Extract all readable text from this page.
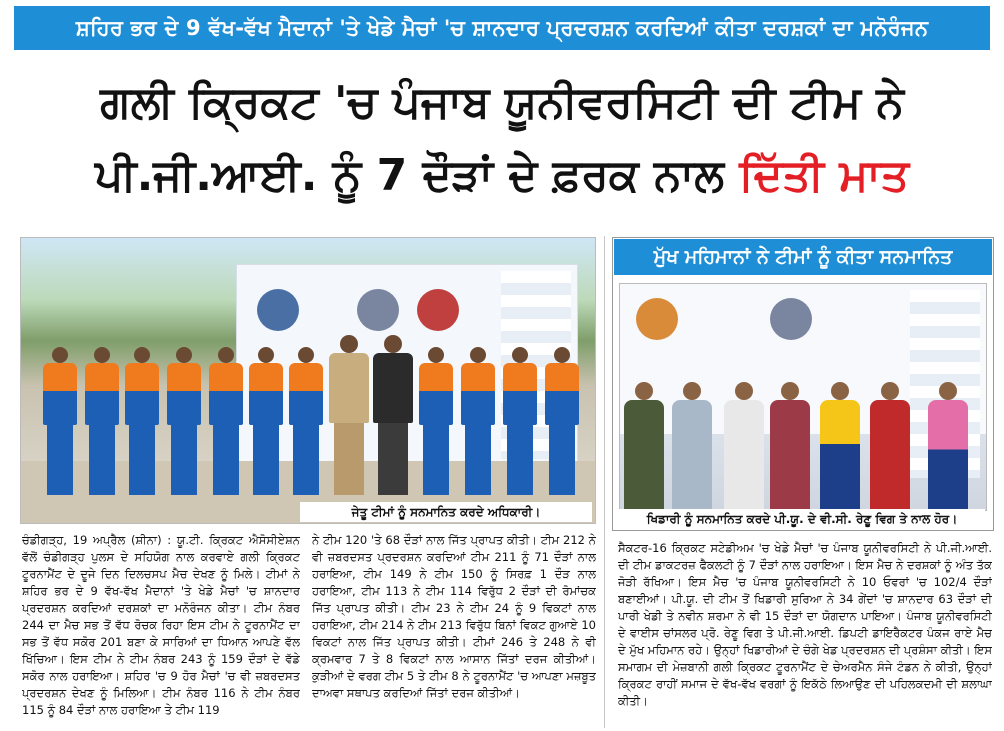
ਸ਼ਹਿਰ ਭਰ ਦੇ 9 ਵੱਖ-ਵੱਖ ਮੈਦਾਨਾਂ 'ਤੇ ਖੇਡੇ ਮੈਚਾਂ 'ਚ ਸ਼ਾਨਦਾਰ ਪ੍ਰਦਰਸ਼ਨ ਕਰਦਿਆਂ ਕੀਤਾ ਦਰਸ਼ਕਾਂ ਦਾ ਮਨੋਰੰਜਨ
ਗਲੀ ਕ੍ਰਿਕਟ 'ਚ ਪੰਜਾਬ ਯੂਨੀਵਰਸਿਟੀ ਦੀ ਟੀਮ ਨੇ
ਪੀ.ਜੀ.ਆਈ. ਨੂੰ 7 ਦੌੜਾਂ ਦੇ ਫ਼ਰਕ ਨਾਲ ਦਿੱਤੀ ਮਾਤ
ਜੇਤੂ ਟੀਮਾਂ ਨੂੰ ਸਨਮਾਨਿਤ ਕਰਦੇ ਅਧਿਕਾਰੀ।
ਮੁੱਖ ਮਹਿਮਾਨਾਂ ਨੇ ਟੀਮਾਂ ਨੂੰ ਕੀਤਾ ਸਨਮਾਨਿਤ
ਖਿਡਾਰੀ ਨੂੰ ਸਨਮਾਨਿਤ ਕਰਦੇ ਪੀ.ਯੂ. ਦੇ ਵੀ.ਸੀ. ਰੇਣੂ ਵਿਗ ਤੇ ਨਾਲ ਹੋਰ।

ਚੰਡੀਗੜ੍ਹ, 19 ਅਪ੍ਰੈਲ (ਸ਼ੀਨਾ) : ਯੂ.ਟੀ. ਕ੍ਰਿਕਟ ਐਸੋਸੀਏਸ਼ਨ ਵੱਲੋਂ ਚੰਡੀਗੜ੍ਹ ਪੁਲਸ ਦੇ ਸਹਿਯੋਗ ਨਾਲ ਕਰਵਾਏ ਗਲੀ ਕ੍ਰਿਕਟ ਟੂਰਨਾਮੈਂਟ ਦੇ ਦੂਜੇ ਦਿਨ ਦਿਲਚਸਪ ਮੈਚ ਦੇਖਣ ਨੂੰ ਮਿਲੇ। ਟੀਮਾਂ ਨੇ ਸ਼ਹਿਰ ਭਰ ਦੇ 9 ਵੱਖ-ਵੱਖ ਮੈਦਾਨਾਂ 'ਤੇ ਖੇਡੇ ਮੈਚਾਂ 'ਚ ਸ਼ਾਨਦਾਰ ਪ੍ਰਦਰਸ਼ਨ ਕਰਦਿਆਂ ਦਰਸ਼ਕਾਂ ਦਾ ਮਨੋਰੰਜਨ ਕੀਤਾ। ਟੀਮ ਨੰਬਰ 244 ਦਾ ਮੈਚ ਸਭ ਤੋਂ ਵੱਧ ਰੋਚਕ ਰਿਹਾ ਇਸ ਟੀਮ ਨੇ ਟੂਰਨਾਮੈਂਟ ਦਾ ਸਭ ਤੋਂ ਵੱਧ ਸਕੋਰ 201 ਬਣਾ ਕੇ ਸਾਰਿਆਂ ਦਾ ਧਿਆਨ ਆਪਣੇ ਵੱਲ ਖਿੱਚਿਆ। ਇਸ ਟੀਮ ਨੇ ਟੀਮ ਨੰਬਰ 243 ਨੂੰ 159 ਦੌੜਾਂ ਦੇ ਵੱਡੇ ਸਕੋਰ ਨਾਲ ਹਰਾਇਆ। ਸ਼ਹਿਰ 'ਚ 9 ਹੋਰ ਮੈਚਾਂ 'ਚ ਵੀ ਜ਼ਬਰਦਸਤ ਪ੍ਰਦਰਸ਼ਨ ਦੇਖਣ ਨੂੰ ਮਿਲਿਆ। ਟੀਮ ਨੰਬਰ 116 ਨੇ ਟੀਮ ਨੰਬਰ 115 ਨੂੰ 84 ਦੌੜਾਂ ਨਾਲ ਹਰਾਇਆ ਤੇ ਟੀਮ 119

ਨੇ ਟੀਮ 120 'ਤੇ 68 ਦੌੜਾਂ ਨਾਲ ਜਿੱਤ ਪ੍ਰਾਪਤ ਕੀਤੀ। ਟੀਮ 212 ਨੇ ਵੀ ਜ਼ਬਰਦਸਤ ਪ੍ਰਦਰਸ਼ਨ ਕਰਦਿਆਂ ਟੀਮ 211 ਨੂੰ 71 ਦੌੜਾਂ ਨਾਲ ਹਰਾਇਆ, ਟੀਮ 149 ਨੇ ਟੀਮ 150 ਨੂੰ ਸਿਰਫ਼ 1 ਦੌੜ ਨਾਲ ਹਰਾਇਆ, ਟੀਮ 113 ਨੇ ਟੀਮ 114 ਵਿਰੁੱਧ 2 ਦੌੜਾਂ ਦੀ ਰੋਮਾਂਚਕ ਜਿੱਤ ਪ੍ਰਾਪਤ ਕੀਤੀ। ਟੀਮ 23 ਨੇ ਟੀਮ 24 ਨੂੰ 9 ਵਿਕਟਾਂ ਨਾਲ ਹਰਾਇਆ, ਟੀਮ 214 ਨੇ ਟੀਮ 213 ਵਿਰੁੱਧ ਬਿਨਾਂ ਵਿਕਟ ਗੁਆਏ 10 ਵਿਕਟਾਂ ਨਾਲ ਜਿੱਤ ਪ੍ਰਾਪਤ ਕੀਤੀ। ਟੀਮਾਂ 246 ਤੇ 248 ਨੇ ਵੀ ਕ੍ਰਮਵਾਰ 7 ਤੇ 8 ਵਿਕਟਾਂ ਨਾਲ ਆਸਾਨ ਜਿੱਤਾਂ ਦਰਜ ਕੀਤੀਆਂ। ਕੁੜੀਆਂ ਦੇ ਵਰਗ ਟੀਮ 5 ਤੇ ਟੀਮ 8 ਨੇ ਟੂਰਨਾਮੈਂਟ 'ਚ ਆਪਣਾ ਮਜ਼ਬੂਤ ਦਾਅਵਾ ਸਥਾਪਤ ਕਰਦਿਆਂ ਜਿੱਤਾਂ ਦਰਜ ਕੀਤੀਆਂ।

ਸੈਕਟਰ-16 ਕ੍ਰਿਕਟ ਸਟੇਡੀਅਮ 'ਚ ਖੇਡੇ ਮੈਚਾਂ 'ਚ ਪੰਜਾਬ ਯੂਨੀਵਰਸਿਟੀ ਨੇ ਪੀ.ਜੀ.ਆਈ. ਦੀ ਟੀਮ ਡਾਕਟਰਜ਼ ਫੈਕਲਟੀ ਨੂੰ 7 ਦੌੜਾਂ ਨਾਲ ਹਰਾਇਆ। ਇਸ ਮੈਚ ਨੇ ਦਰਸ਼ਕਾਂ ਨੂੰ ਅੰਤ ਤੱਕ ਜੋੜੀ ਰੱਖਿਆ। ਇਸ ਮੈਚ 'ਚ ਪੰਜਾਬ ਯੂਨੀਵਰਸਿਟੀ ਨੇ 10 ਓਵਰਾਂ 'ਚ 102/4 ਦੌੜਾਂ ਬਣਾਈਆਂ। ਪੀ.ਯੂ. ਦੀ ਟੀਮ ਤੋਂ ਖਿਡਾਰੀ ਸੁਰਿਆ ਨੇ 34 ਗੇਂਦਾਂ 'ਚ ਸ਼ਾਨਦਾਰ 63 ਦੌੜਾਂ ਦੀ ਪਾਰੀ ਖੇਡੀ ਤੇ ਨਵੀਨ ਸ਼ਰਮਾ ਨੇ ਵੀ 15 ਦੌੜਾਂ ਦਾ ਯੋਗਦਾਨ ਪਾਇਆ। ਪੰਜਾਬ ਯੂਨੀਵਰਸਿਟੀ ਦੇ ਵਾਈਸ ਚਾਂਸਲਰ ਪ੍ਰੋ. ਰੇਣੂ ਵਿਗ ਤੇ ਪੀ.ਜੀ.ਆਈ. ਡਿਪਟੀ ਡਾਇਰੈਕਟਰ ਪੰਕਜ ਰਾਏ ਮੈਚ ਦੇ ਮੁੱਖ ਮਹਿਮਾਨ ਰਹੇ। ਉਨ੍ਹਾਂ ਖਿਡਾਰੀਆਂ ਦੇ ਚੰਗੇ ਖੇਡ ਪ੍ਰਦਰਸ਼ਨ ਦੀ ਪ੍ਰਸ਼ੰਸਾ ਕੀਤੀ। ਇਸ ਸਮਾਗਮ ਦੀ ਮੇਜ਼ਬਾਨੀ ਗਲੀ ਕ੍ਰਿਕਟ ਟੂਰਨਾਮੈਂਟ ਦੇ ਚੇਅਰਮੈਨ ਸੰਜੇ ਟੰਡਨ ਨੇ ਕੀਤੀ, ਉਨ੍ਹਾਂ ਕ੍ਰਿਕਟ ਰਾਹੀਂ ਸਮਾਜ ਦੇ ਵੱਖ-ਵੱਖ ਵਰਗਾਂ ਨੂੰ ਇਕੱਠੇ ਲਿਆਉਣ ਦੀ ਪਹਿਲਕਦਮੀ ਦੀ ਸ਼ਲਾਘਾ ਕੀਤੀ।
